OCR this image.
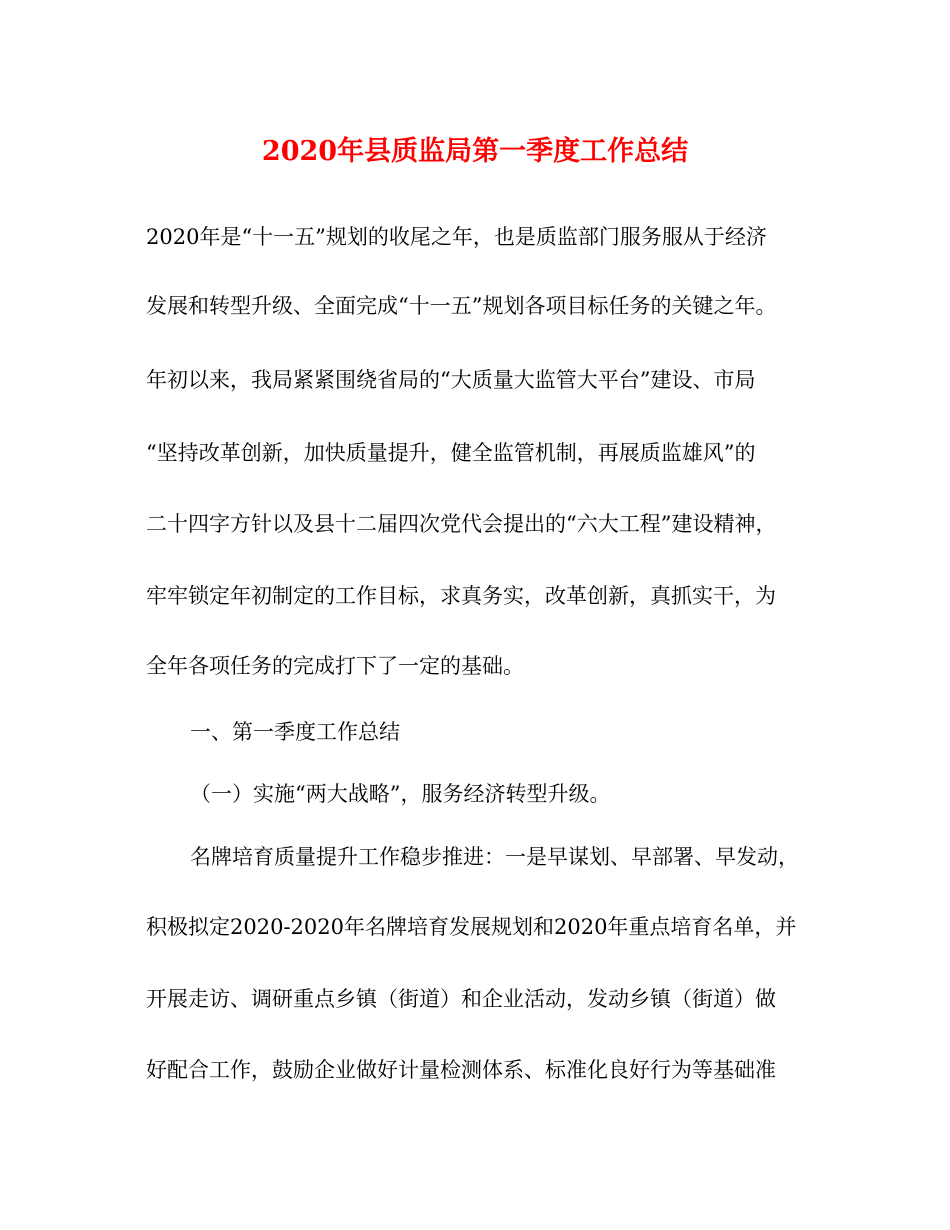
2020年县质监局第一季度工作总结

2020年是“十一五”规划的收尾之年，也是质监部门服务服从于经济

发展和转型升级、全面完成“十一五”规划各项目标任务的关键之年。

年初以来，我局紧紧围绕省局的“大质量大监管大平台”建设、市局

“坚持改革创新，加快质量提升，健全监管机制，再展质监雄风”的

二十四字方针以及县十二届四次党代会提出的“六大工程”建设精神，

牢牢锁定年初制定的工作目标，求真务实，改革创新，真抓实干，为

全年各项任务的完成打下了一定的基础。

一、第一季度工作总结

（一）实施“两大战略”，服务经济转型升级。

名牌培育质量提升工作稳步推进：一是早谋划、早部署、早发动，

积极拟定2020-2020年名牌培育发展规划和2020年重点培育名单，并

开展走访、调研重点乡镇（街道）和企业活动，发动乡镇（街道）做

好配合工作，鼓励企业做好计量检测体系、标准化良好行为等基础准
